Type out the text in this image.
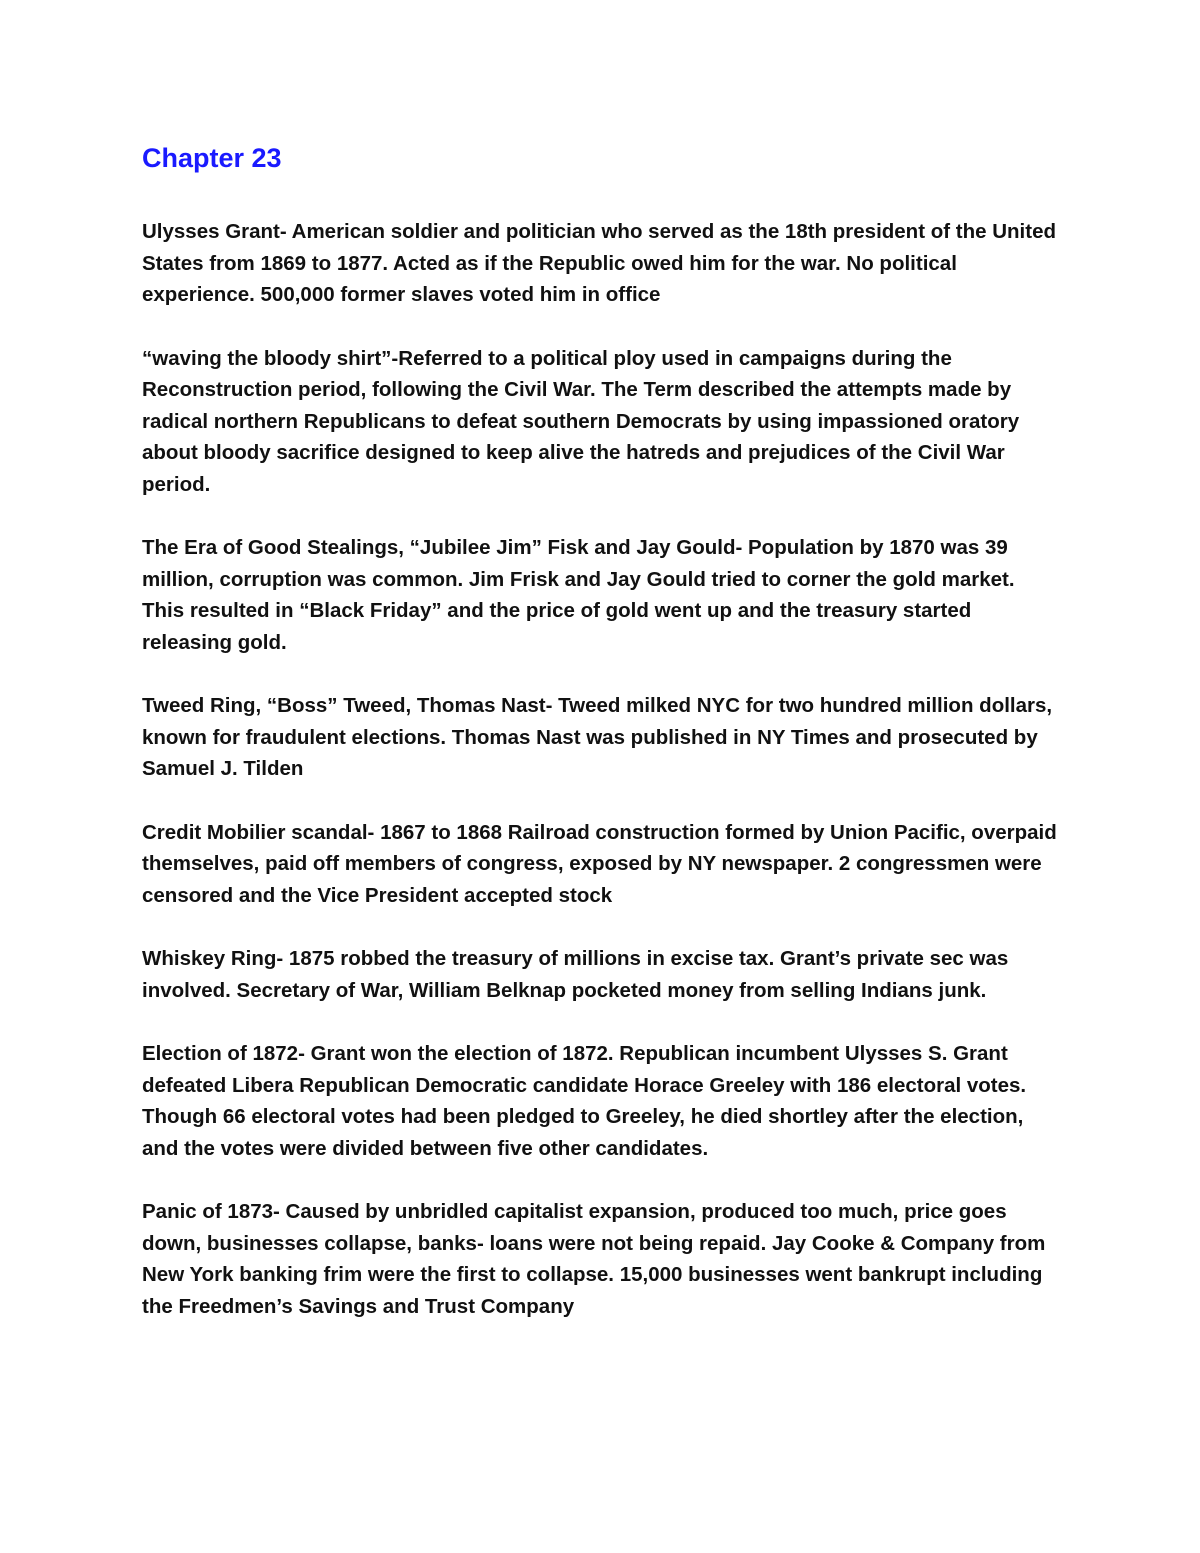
Chapter 23

Ulysses Grant- American soldier and politician who served as the 18th president of the United States from 1869 to 1877. Acted as if the Republic owed him for the war. No political experience. 500,000 former slaves voted him in office

“waving the bloody shirt”-Referred to a political ploy used in campaigns during the Reconstruction period, following the Civil War. The Term described the attempts made by radical northern Republicans to defeat southern Democrats by using impassioned oratory about bloody sacrifice designed to keep alive the hatreds and prejudices of the Civil War period.

The Era of Good Stealings, “Jubilee Jim” Fisk and Jay Gould- Population by 1870 was 39 million, corruption was common. Jim Frisk and Jay Gould tried to corner the gold market. This resulted in “Black Friday” and the price of gold went up and the treasury started releasing gold.

Tweed Ring, “Boss” Tweed, Thomas Nast- Tweed milked NYC for two hundred million dollars, known for fraudulent elections. Thomas Nast was published in NY Times and prosecuted by Samuel J. Tilden

Credit Mobilier scandal- 1867 to 1868 Railroad construction formed by Union Pacific, overpaid themselves, paid off members of congress, exposed by NY newspaper. 2 congressmen were censored and the Vice President accepted stock

Whiskey Ring- 1875 robbed the treasury of millions in excise tax. Grant’s private sec was involved. Secretary of War, William Belknap pocketed money from selling Indians junk.

Election of 1872- Grant won the election of 1872. Republican incumbent Ulysses S. Grant defeated Libera Republican Democratic candidate Horace Greeley with 186 electoral votes. Though 66 electoral votes had been pledged to Greeley, he died shortley after the election, and the votes were divided between five other candidates.

Panic of 1873- Caused by unbridled capitalist expansion, produced too much, price goes down, businesses collapse, banks- loans were not being repaid. Jay Cooke & Company from New York banking frim were the first to collapse. 15,000 businesses went bankrupt including the Freedmen’s Savings and Trust Company
